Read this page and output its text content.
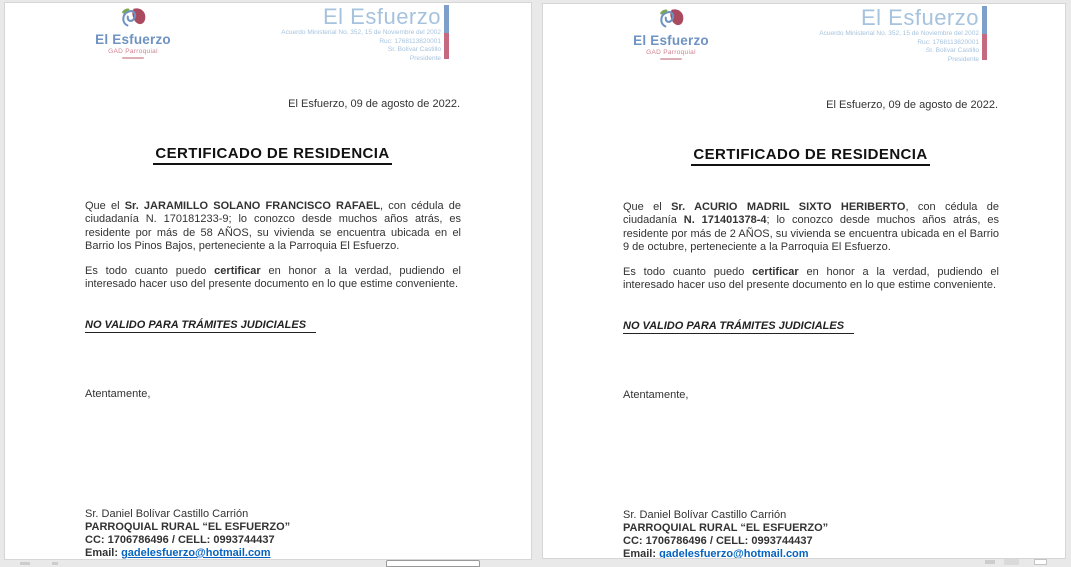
El Esfuerzo
GAD Parroquial
El Esfuerzo
Acuerdo Ministerial No. 352, 15 de Noviembre del 2002
Ruc: 1768113820001
Sr. Bolívar Castillo
Presidente
El Esfuerzo, 09 de agosto de 2022.
CERTIFICADO DE RESIDENCIA

Que el Sr. JARAMILLO SOLANO FRANCISCO RAFAEL, con cédula de ciudadanía N. 170181233-9; lo conozco desde muchos años atrás, es residente por más de 58 AÑOS, su vivienda se encuentra ubicada en el Barrio los Pinos Bajos, perteneciente a la Parroquia El Esfuerzo.

Es todo cuanto puedo certificar en honor a la verdad, pudiendo el interesado hacer uso del presente documento en lo que estime conveniente.

NO VALIDO PARA TRÁMITES JUDICIALES
Atentamente,
Sr. Daniel Bolívar Castillo Carrión
PARROQUIAL RURAL “EL ESFUERZO”
CC: 1706786496 / CELL: 0993744437
Email: gadelesfuerzo@hotmail.com
El Esfuerzo
GAD Parroquial
El Esfuerzo
Acuerdo Ministerial No. 352, 15 de Noviembre del 2002
Ruc: 1768113820001
Sr. Bolívar Castillo
Presidente
El Esfuerzo, 09 de agosto de 2022.
CERTIFICADO DE RESIDENCIA

Que el Sr. ACURIO MADRIL SIXTO HERIBERTO, con cédula de ciudadanía N. 171401378-4; lo conozco desde muchos años atrás, es residente por más de 2 AÑOS, su vivienda se encuentra ubicada en el Barrio 9 de octubre, perteneciente a la Parroquia El Esfuerzo.

Es todo cuanto puedo certificar en honor a la verdad, pudiendo el interesado hacer uso del presente documento en lo que estime conveniente.

NO VALIDO PARA TRÁMITES JUDICIALES
Atentamente,
Sr. Daniel Bolívar Castillo Carrión
PARROQUIAL RURAL “EL ESFUERZO”
CC: 1706786496 / CELL: 0993744437
Email: gadelesfuerzo@hotmail.com
